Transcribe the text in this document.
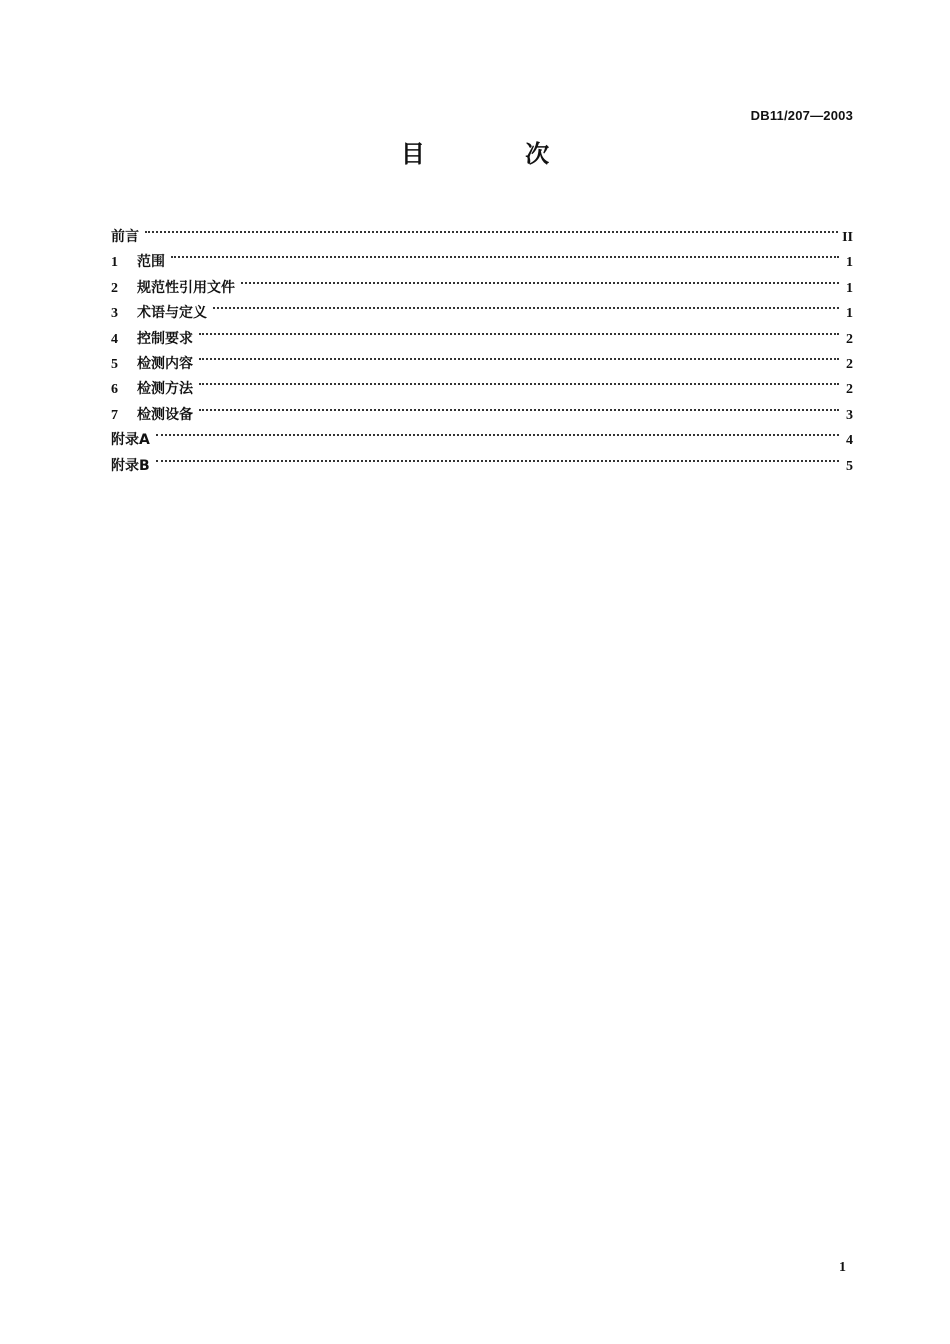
DB11/207—2003
目 次
前言	II
1	范围	1
2	规范性引用文件	1
3	术语与定义	1
4	控制要求	2
5	检测内容	2
6	检测方法	2
7	检测设备	3
附录A	4
附录B	5
1
